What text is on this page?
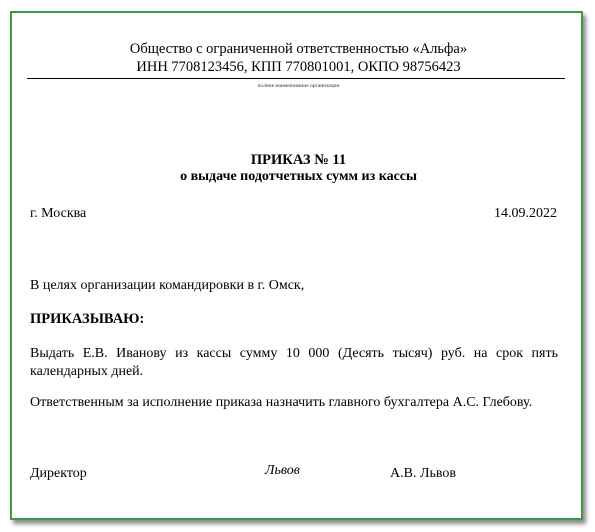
Общество с ограниченной ответственностью «Альфа»
ИНН 7708123456, КПП 770801001, ОКПО 98756423
полное наименование организации
ПРИКАЗ № 11
о выдаче подотчетных сумм из кассы
г. Москва	14.09.2022
В целях организации командировки в г. Омск,
ПРИКАЗЫВАЮ:
Выдать Е.В. Иванову из кассы сумму 10 000 (Десять тысяч) руб. на срок пять календарных дней.
Ответственным за исполнение приказа назначить главного бухгалтера А.С. Глебову.
Директор	Львов	А.В. Львов
